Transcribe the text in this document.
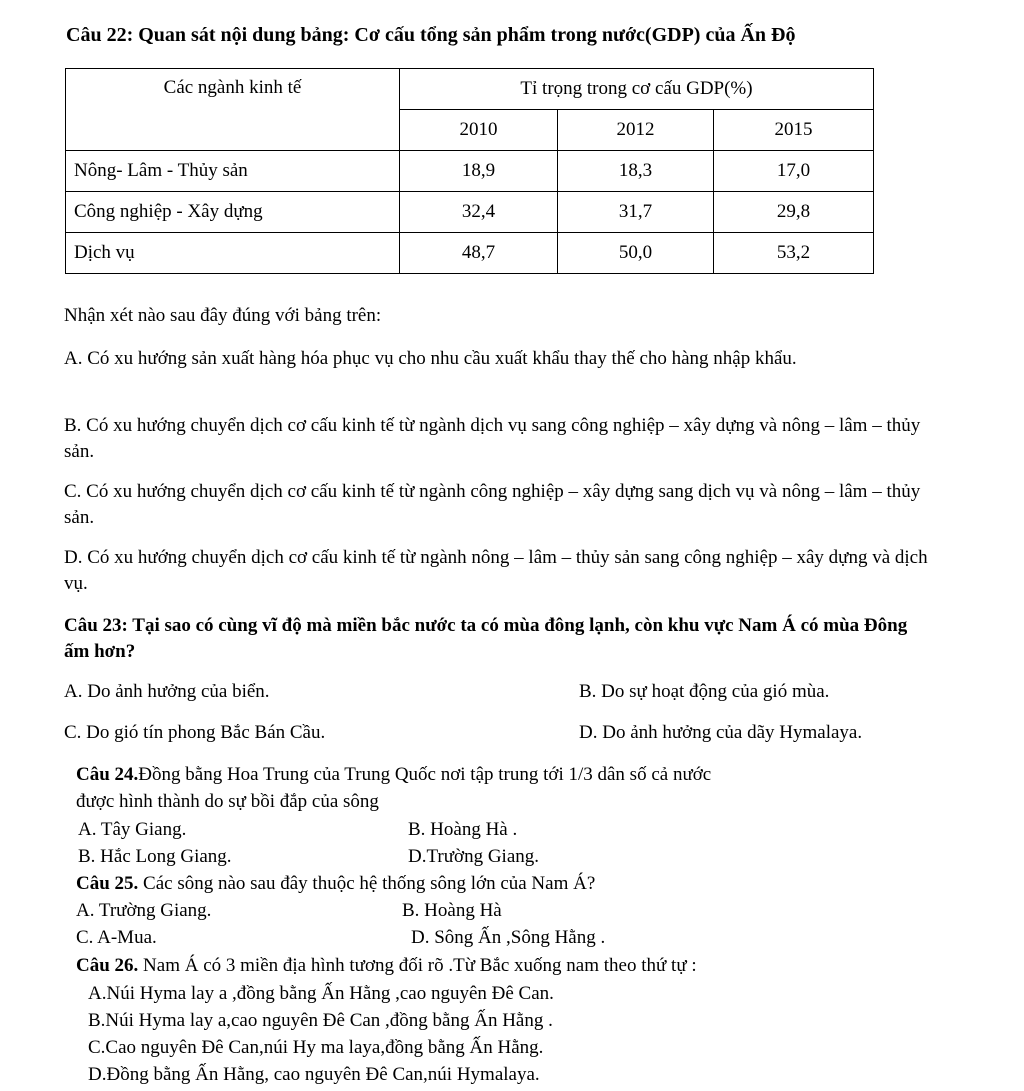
Câu 22: Quan sát nội dung bảng: Cơ cấu tổng sản phẩm trong nước(GDP) của Ấn Độ
Các ngành kinh tế	Tỉ trọng trong cơ cấu GDP(%)		
	2010	2012	2015
Nông- Lâm - Thủy sản	18,9	18,3	17,0
Công nghiệp - Xây dựng	32,4	31,7	29,8
Dịch vụ	48,7	50,0	53,2
Nhận xét nào sau đây đúng với bảng trên:
A. Có xu hướng sản xuất hàng hóa phục vụ cho nhu cầu xuất khẩu thay thế cho hàng nhập khẩu.
B. Có xu hướng chuyển dịch cơ cấu kinh tế từ ngành dịch vụ sang công nghiệp – xây dựng và nông – lâm – thủy sản.
C. Có xu hướng chuyển dịch cơ cấu kinh tế từ ngành công nghiệp – xây dựng sang dịch vụ và nông – lâm – thủy sản.
D. Có xu hướng chuyển dịch cơ cấu kinh tế từ ngành nông – lâm – thủy sản sang công nghiệp – xây dựng và dịch vụ.
Câu 23: Tại sao có cùng vĩ độ mà miền bắc nước ta có mùa đông lạnh, còn khu vực Nam Á có mùa Đông ấm hơn?
A. Do ảnh hưởng của biển.	B. Do sự hoạt động của gió mùa.
C. Do gió tín phong Bắc Bán Cầu.	D. Do ảnh hưởng của dãy Hymalaya.
Câu 24.Đồng bằng Hoa Trung của Trung Quốc nơi tập trung tới 1/3 dân số cả nước
được hình thành do sự bồi đắp của sông
A. Tây Giang.	B. Hoàng Hà .
B. Hắc Long Giang.	D.Trường Giang.
Câu 25. Các sông nào sau đây thuộc hệ thống sông lớn của Nam Á?
A. Trường Giang.	B. Hoàng Hà
C. A-Mua.	D. Sông Ấn ,Sông Hằng .
Câu 26. Nam Á có 3 miền địa hình tương đối rõ .Từ Bắc xuống nam theo thứ tự :
A.Núi Hyma lay a ,đồng bằng Ấn Hằng ,cao nguyên Đê Can.
B.Núi Hyma lay a,cao nguyên Đê Can ,đồng bằng Ấn Hằng .
C.Cao nguyên Đê Can,núi Hy ma laya,đồng bằng Ấn Hằng.
D.Đồng bằng Ấn Hằng, cao nguyên Đê Can,núi Hymalaya.
